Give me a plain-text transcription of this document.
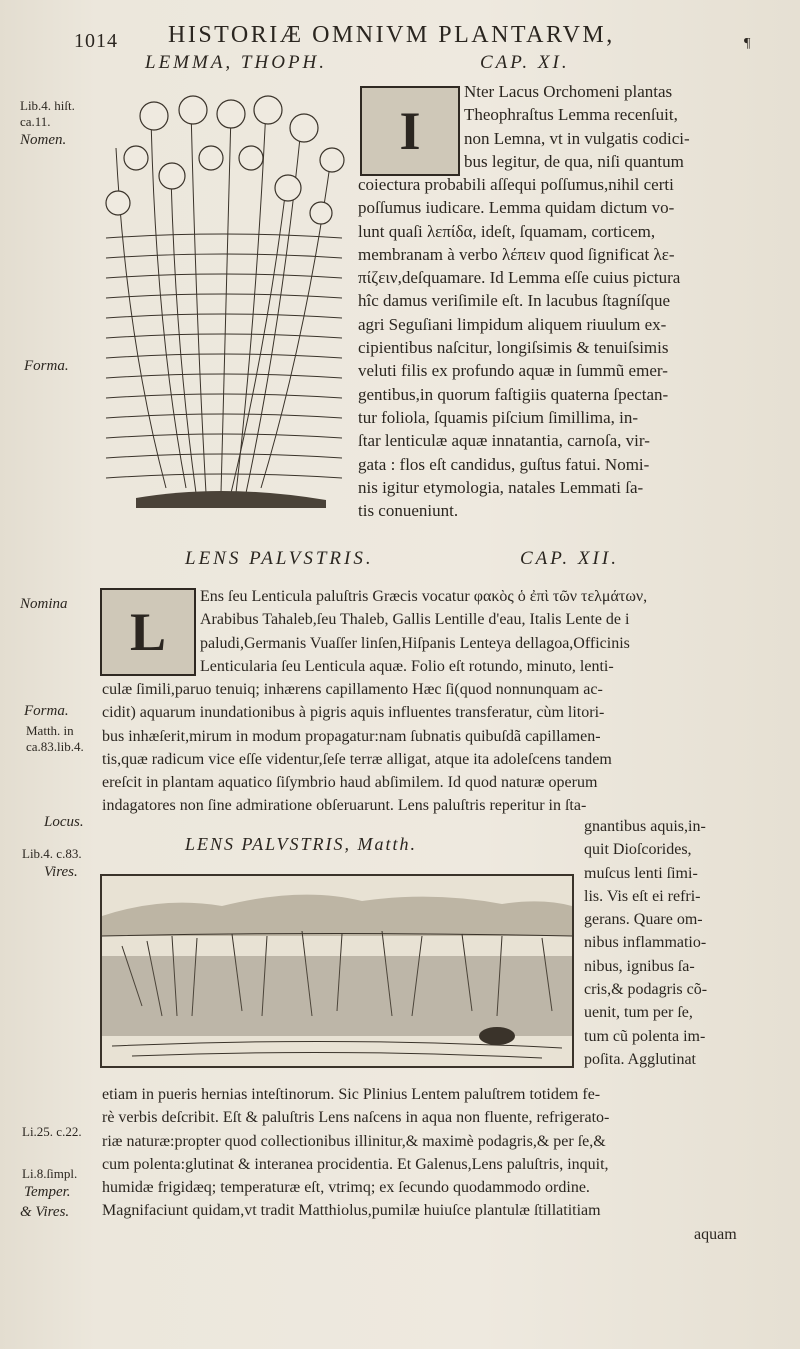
1014 HISTORIÆ OMNIVM PLANTARVM,	¶
LEMMA, THOPH.	CAP. XI.
Lib.4. hiſt.
ca.11.
Nomen.
Forma.
I

Nter Lacus Orchomeni plantas

Theophraſtus Lemma recenſuit,

non Lemna, vt in vulgatis codici-

bus legitur, de qua, niſi quantum

coiectura probabili aſſequi poſſumus,nihil certi

poſſumus iudicare. Lemma quidam dictum vo-

lunt quaſi λεπίδα, ideſt, ſquamam, corticem,

membranam à verbo λέπειν quod ſignificat λε-

πίζειν,deſquamare. Id Lemma eſſe cuius pictura

hîc damus veriſimile eſt. In lacubus ſtagníſque

agri Seguſiani limpidum aliquem riuulum ex-

cipientibus naſcitur, longiſsimis & tenuiſsimis

veluti filis ex profundo aquæ in ſummũ emer-

gentibus,in quorum faſtigiis quaterna ſpectan-

tur foliola, ſquamis piſcium ſimillima, in-

ſtar lenticulæ aquæ innatantia, carnoſa, vir-

gata : flos eſt candidus, guſtus fatui. Nomi-

nis igitur etymologia, natales Lemmati ſa-

tis conueniunt.

LENS PALVSTRIS.	CAP. XII.
L
Nomina
Forma.
Matth. in
ca.83.lib.4.
Locus.
Lib.4. c.83.
Vires.
Li.25. c.22.
Li.8.ſimpl.
Temper.
& Vires.

Ens ſeu Lenticula paluſtris Græcis vocatur φακὸς ὁ ἐπὶ τῶν τελμάτων,

Arabibus Tahaleb,ſeu Thaleb, Gallis Lentille d'eau, Italis Lente de i

paludi,Germanis Vuaſſer linſen,Hiſpanis Lenteya dellagoa,Officinis

Lenticularia ſeu Lenticula aquæ. Folio eſt rotundo, minuto, lenti-

culæ ſimili,paruo tenuiq; inhærens capillamento Hæc ſi(quod nonnunquam ac-

cidit) aquarum inundationibus à pigris aquis influentes transferatur, cùm litori-

bus inhæſerit,mirum in modum propagatur:nam ſubnatis quibuſdã capillamen-

tis,quæ radicum vice eſſe videntur,ſeſe terræ alligat, atque ita adoleſcens tandem

ereſcit in plantam aquatico ſiſymbrio haud abſimilem. Id quod naturæ operum

indagatores non ſine admiratione obſeruarunt. Lens paluſtris reperitur in ſta-

LENS PALVSTRIS, Matth.

gnantibus aquis,in-

quit Dioſcorides,

muſcus lenti ſimi-

lis. Vis eſt ei refri-

gerans. Quare om-

nibus inflammatio-

nibus, ignibus ſa-

cris,& podagris cõ-

uenit, tum per ſe,

tum cũ polenta im-

poſita. Agglutinat

etiam in pueris hernias inteſtinorum. Sic Plinius Lentem paluſtrem totidem fe-

rè verbis deſcribit. Eſt & paluſtris Lens naſcens in aqua non fluente, refrigerato-

riæ naturæ:propter quod collectionibus illinitur,& maximè podagris,& per ſe,&

cum polenta:glutinat & interanea procidentia. Et Galenus,Lens paluſtris, inquit,

humidæ frigidæq; temperaturæ eſt, vtrimq; ex ſecundo quodammodo ordine.

Magnifaciunt quidam,vt tradit Matthiolus,pumilæ huiuſce plantulæ ſtillatitiam

aquam
